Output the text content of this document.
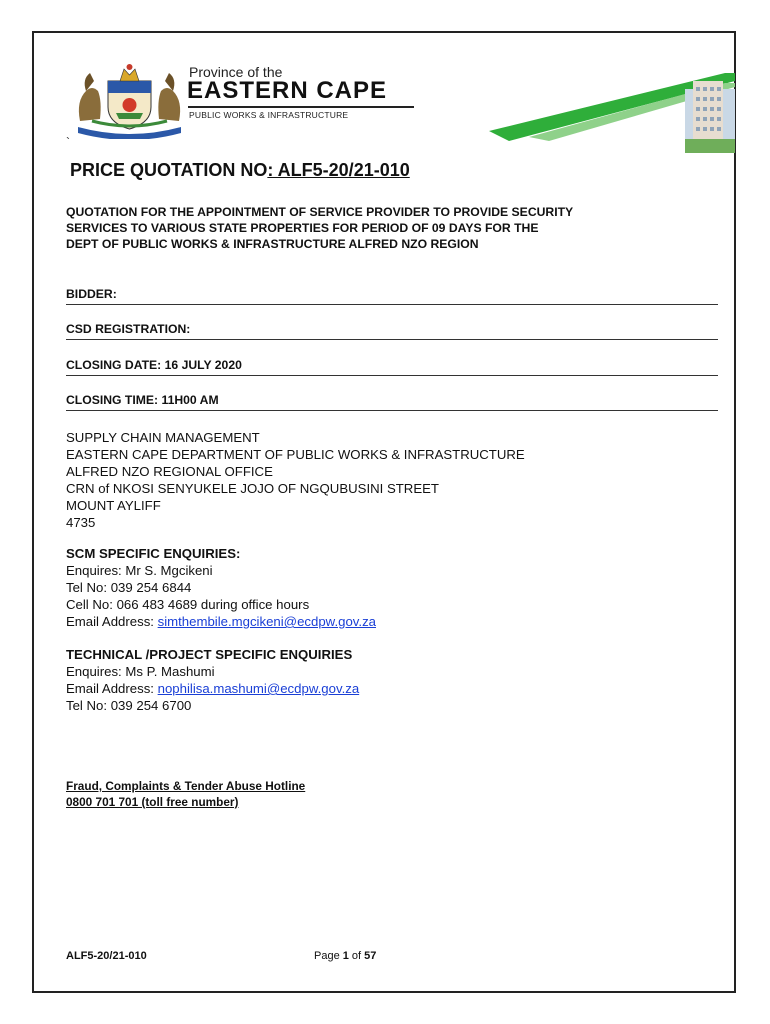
Province of the
EASTERN CAPE
PUBLIC WORKS & INFRASTRUCTURE
`
PRICE QUOTATION NO: ALF5-20/21-010
QUOTATION FOR THE APPOINTMENT OF SERVICE PROVIDER TO PROVIDE SECURITY
SERVICES TO VARIOUS STATE PROPERTIES FOR PERIOD OF 09 DAYS FOR THE
DEPT OF PUBLIC WORKS & INFRASTRUCTURE ALFRED NZO REGION
BIDDER:
CSD REGISTRATION:
CLOSING DATE: 16 JULY 2020
CLOSING TIME: 11H00 AM
SUPPLY CHAIN MANAGEMENT
EASTERN CAPE DEPARTMENT OF PUBLIC WORKS & INFRASTRUCTURE
ALFRED NZO REGIONAL OFFICE
CRN of NKOSI SENYUKELE JOJO OF NGQUBUSINI STREET
MOUNT AYLIFF
4735
SCM SPECIFIC ENQUIRIES:
Enquires: Mr S. Mgcikeni
Tel No: 039 254 6844
Cell No: 066 483 4689 during office hours
Email Address: simthembile.mgcikeni@ecdpw.gov.za
TECHNICAL /PROJECT SPECIFIC ENQUIRIES
Enquires: Ms P. Mashumi
Email Address: nophilisa.mashumi@ecdpw.gov.za
Tel No: 039 254 6700
Fraud, Complaints & Tender Abuse Hotline
0800 701 701 (toll free number)
ALF5-20/21-010	Page 1 of 57
